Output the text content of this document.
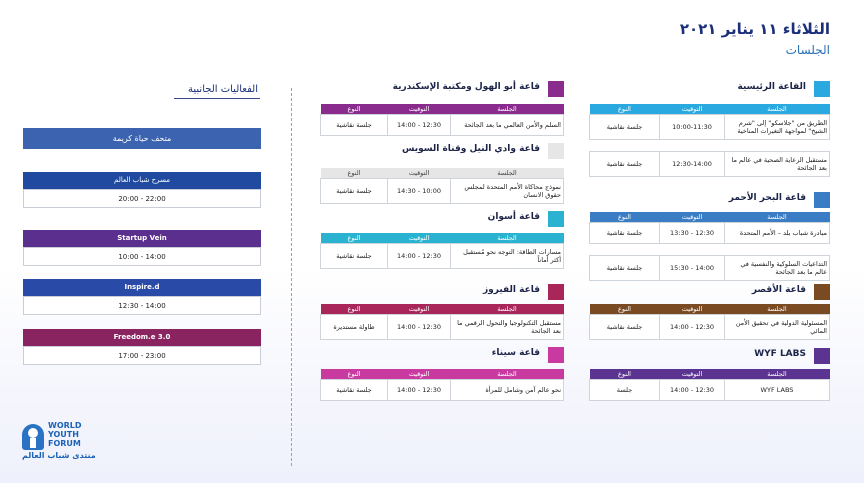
الثلاثاء ١١ يناير ٢٠٢١
الجلسات
القاعة الرئيسية
الجلسة	التوقيت	النوع
الطريق من "جلاسكو" إلى "شرم الشيخ" لمواجهة التغيرات المناخية	10:00-11:30	جلسة نقاشية
راحة	12:30 - 11:30	
مستقبل الرعاية الصحية في عالم ما بعد الجائحة	12:30-14:00	جلسة نقاشية
قاعة البحر الأحمر
الجلسة	التوقيت	النوع
مبادرة شباب بلد – الأمم المتحدة	12:30 - 13:30	جلسة نقاشية
راحة	13:30 - 14:00	
التداعيات السلوكية والنفسية في عالم ما بعد الجائحة	14:00 - 15:30	جلسة نقاشية
قاعة الأقصر
الجلسة	التوقيت	النوع
المسئولية الدولية في تحقيق الأمن المائي	12:30 - 14:00	جلسة نقاشية
WYF LABS
الجلسة	التوقيت	النوع
WYF LABS	12:30 - 14:00	جلسة
قاعة أبو الهول ومكتبة الإسكندرية
الجلسة	التوقيت	النوع
السلم والأمن العالمي ما بعد الجائحة	12:30 - 14:00	جلسة نقاشية
قاعة وادي النيل وقناة السويس
الجلسة	التوقيت	النوع
نموذج محاكاة الأمم المتحدة لمجلس حقوق الانسان	10:00 - 14:30	جلسة نقاشية
قاعة أسوان
الجلسة	التوقيت	النوع
مسارات الطاقة: التوجه نحو مُستقبل أكثر أماناً	12:30 - 14:00	جلسة نقاشية
قاعة الفيروز
الجلسة	التوقيت	النوع
مستقبل التكنولوجيا والتحول الرقمي ما بعد الجائحة	12:30 - 14:00	طاولة مستديرة
قاعة سيناء
الجلسة	التوقيت	النوع
نحو عالم آمن وشامل للمرأة	12:30 - 14:00	جلسة نقاشية
الفعاليات الجانبية
متحف حياة كريمة
مسرح شباب العالم
20:00 - 22:00
Startup Vein
10:00 - 14:00
Inspire.d
12:30 - 14:00
Freedom.e 3.0
17:00 - 23:00
WORLD
YOUTH
FORUM
منتدى شباب العالم
